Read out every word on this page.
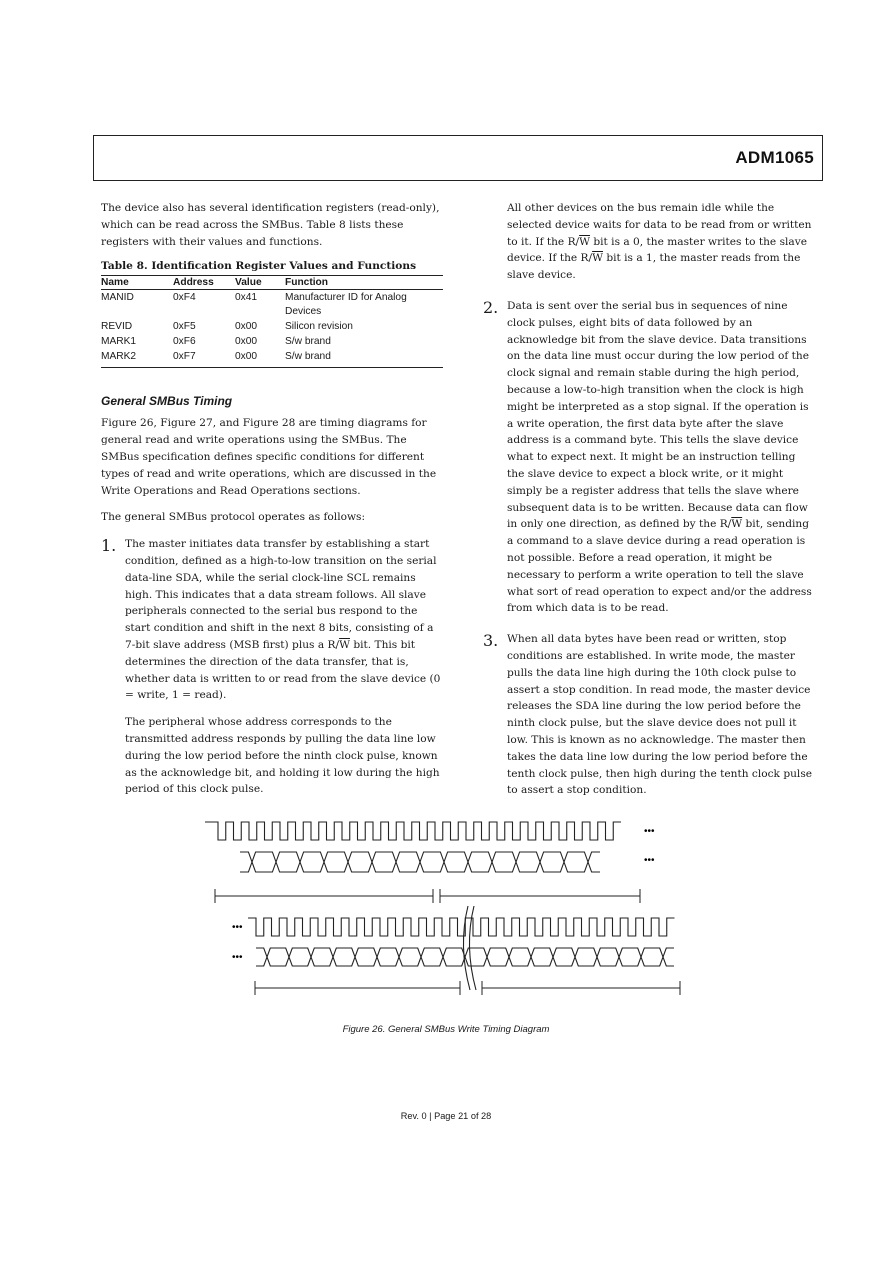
ADM1065

The device also has several identification registers (read-only), which can be read across the SMBus. Table 8 lists these registers with their values and functions.

Table 8. Identification Register Values and Functions
Name	Address	Value	Function
MANID	0xF4	0x41	Manufacturer ID for Analog Devices
REVID	0xF5	0x00	Silicon revision
MARK1	0xF6	0x00	S/w brand
MARK2	0xF7	0x00	S/w brand
General SMBus Timing

Figure 26, Figure 27, and Figure 28 are timing diagrams for general read and write operations using the SMBus. The SMBus specification defines specific conditions for different types of read and write operations, which are discussed in the Write Operations and Read Operations sections.

The general SMBus protocol operates as follows:

1. The master initiates data transfer by establishing a start condition, defined as a high-to-low transition on the serial data-line SDA, while the serial clock-line SCL remains high. This indicates that a data stream follows. All slave peripherals connected to the serial bus respond to the start condition and shift in the next 8 bits, consisting of a 7-bit slave address (MSB first) plus a $R/\overline{W}$ bit. This bit determines the direction of the data transfer, that is, whether data is written to or read from the slave device (0 = write, 1 = read).

The peripheral whose address corresponds to the transmitted address responds by pulling the data line low during the low period before the ninth clock pulse, known as the acknowledge bit, and holding it low during the high period of this clock pulse.

All other devices on the bus remain idle while the selected device waits for data to be read from or written to it. If the $R/\overline{W}$ bit is a 0, the master writes to the slave device. If the $R/\overline{W}$ bit is a 1, the master reads from the slave device.

2. Data is sent over the serial bus in sequences of nine clock pulses, eight bits of data followed by an acknowledge bit from the slave device. Data transitions on the data line must occur during the low period of the clock signal and remain stable during the high period, because a low-to-high transition when the clock is high might be interpreted as a stop signal. If the operation is a write operation, the first data byte after the slave address is a command byte. This tells the slave device what to expect next. It might be an instruction telling the slave device to expect a block write, or it might simply be a register address that tells the slave where subsequent data is to be written. Because data can flow in only one direction, as defined by the $R/\overline{W}$ bit, sending a command to a slave device during a read operation is not possible. Before a read operation, it might be necessary to perform a write operation to tell the slave what sort of read operation to expect and/or the address from which data is to be read.

3. When all data bytes have been read or written, stop conditions are established. In write mode, the master pulls the data line high during the 10th clock pulse to assert a stop condition. In read mode, the master device releases the SDA line during the low period before the ninth clock pulse, but the slave device does not pull it low. This is known as no acknowledge. The master then takes the data line low during the low period before the tenth clock pulse, then high during the tenth clock pulse to assert a stop condition.

•••
•••
•••
•••
Figure 26. General SMBus Write Timing Diagram
Rev. 0 | Page 21 of 28
